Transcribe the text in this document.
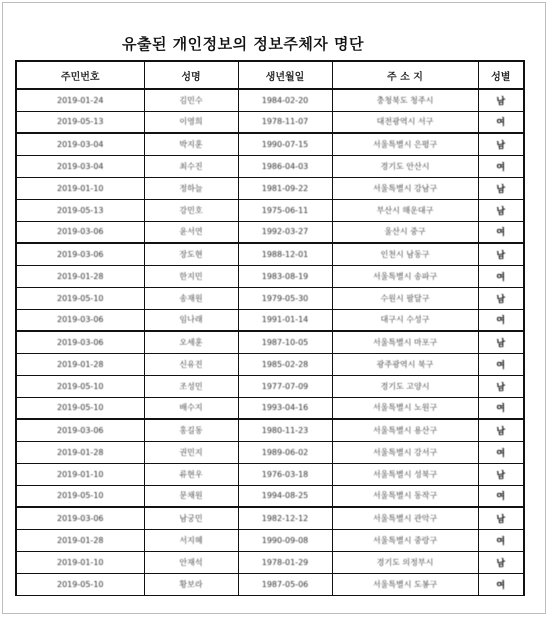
유출된 개인정보의 정보주체자 명단
주민번호	성명	생년월일	주 소 지	성별
2019-01-24	김민수	1984-02-20	충청북도 청주시	남
2019-05-13	이영희	1978-11-07	대전광역시 서구	여
2019-03-04	박지훈	1990-07-15	서울특별시 은평구	남
2019-03-04	최수진	1986-04-03	경기도 안산시	여
2019-01-10	정하늘	1981-09-22	서울특별시 강남구	남
2019-05-13	강민호	1975-06-11	부산시 해운대구	남
2019-03-06	윤서연	1992-03-27	울산시 중구	여
2019-03-06	장도현	1988-12-01	인천시 남동구	남
2019-01-28	한지민	1983-08-19	서울특별시 송파구	여
2019-05-10	송재원	1979-05-30	수원시 팔달구	남
2019-03-06	임나래	1991-01-14	대구시 수성구	여
2019-03-06	오세훈	1987-10-05	서울특별시 마포구	남
2019-01-28	신유진	1985-02-28	광주광역시 북구	여
2019-05-10	조성민	1977-07-09	경기도 고양시	남
2019-05-10	배수지	1993-04-16	서울특별시 노원구	여
2019-03-06	홍길동	1980-11-23	서울특별시 용산구	남
2019-01-28	권민지	1989-06-02	서울특별시 강서구	여
2019-01-10	류현우	1976-03-18	서울특별시 성북구	남
2019-05-10	문채원	1994-08-25	서울특별시 동작구	여
2019-03-06	남궁민	1982-12-12	서울특별시 관악구	남
2019-01-28	서지혜	1990-09-08	서울특별시 중랑구	여
2019-01-10	안재석	1978-01-29	경기도 의정부시	남
2019-05-10	황보라	1987-05-06	서울특별시 도봉구	여
